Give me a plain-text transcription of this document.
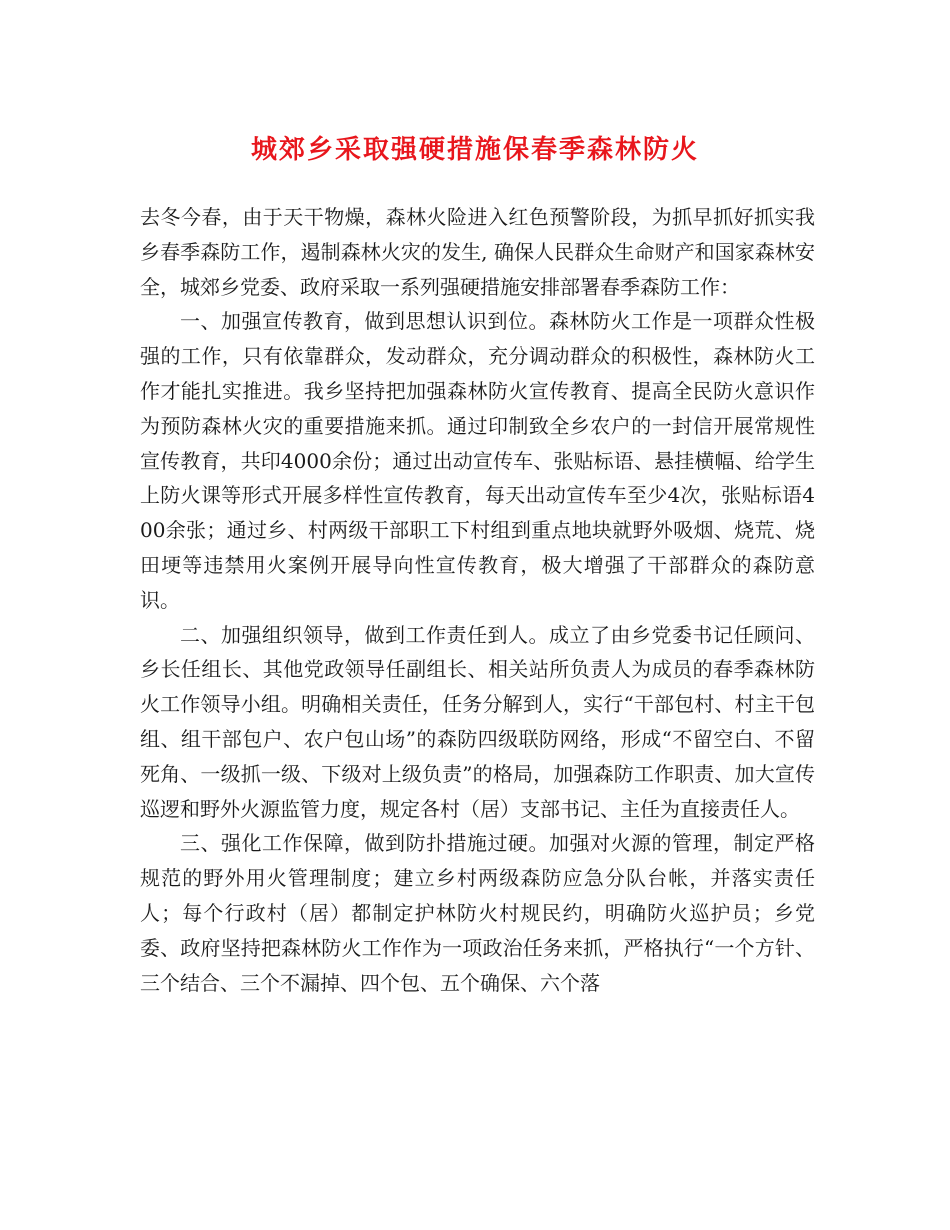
城郊乡采取强硬措施保春季森林防火

去冬今春，由于天干物燥，森林火险进入红色预警阶段，为抓早抓好抓实我乡春季森防工作，遏制森林火灾的发生, 确保人民群众生命财产和国家森林安全，城郊乡党委、政府采取一系列强硬措施安排部署春季森防工作：

一、加强宣传教育，做到思想认识到位。森林防火工作是一项群众性极强的工作，只有依靠群众，发动群众，充分调动群众的积极性，森林防火工作才能扎实推进。我乡坚持把加强森林防火宣传教育、提高全民防火意识作为预防森林火灾的重要措施来抓。通过印制致全乡农户的一封信开展常规性宣传教育，共印4000余份；通过出动宣传车、张贴标语、悬挂横幅、给学生上防火课等形式开展多样性宣传教育，每天出动宣传车至少4次，张贴标语400余张；通过乡、村两级干部职工下村组到重点地块就野外吸烟、烧荒、烧田埂等违禁用火案例开展导向性宣传教育，极大增强了干部群众的森防意识。

二、加强组织领导，做到工作责任到人。成立了由乡党委书记任顾问、乡长任组长、其他党政领导任副组长、相关站所负责人为成员的春季森林防火工作领导小组。明确相关责任，任务分解到人，实行“干部包村、村主干包组、组干部包户、农户包山场”的森防四级联防网络，形成“不留空白、不留死角、一级抓一级、下级对上级负责”的格局，加强森防工作职责、加大宣传巡逻和野外火源监管力度，规定各村（居）支部书记、主任为直接责任人。

三、强化工作保障，做到防扑措施过硬。加强对火源的管理，制定严格规范的野外用火管理制度；建立乡村两级森防应急分队台帐，并落实责任人；每个行政村（居）都制定护林防火村规民约，明确防火巡护员；乡党委、政府坚持把森林防火工作作为一项政治任务来抓，严格执行“一个方针、三个结合、三个不漏掉、四个包、五个确保、六个落
